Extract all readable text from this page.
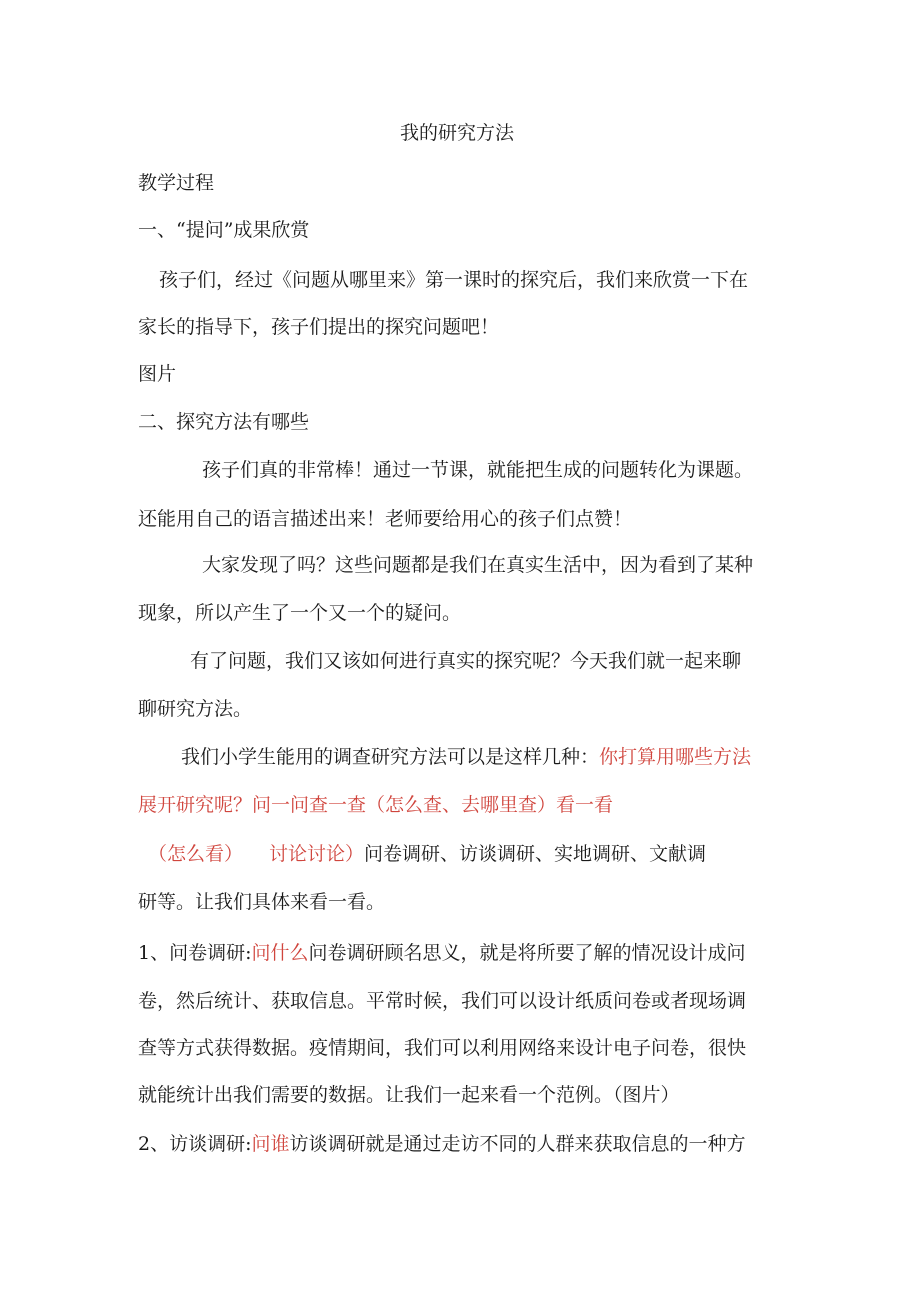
我的研究方法
教学过程
一、“提问”成果欣赏
孩子们，经过《问题从哪里来》第一课时的探究后，我们来欣赏一下在
家长的指导下，孩子们提出的探究问题吧！
图片
二、探究方法有哪些
孩子们真的非常棒！通过一节课，就能把生成的问题转化为课题。
还能用自己的语言描述出来！老师要给用心的孩子们点赞！
大家发现了吗？这些问题都是我们在真实生活中，因为看到了某种
现象，所以产生了一个又一个的疑问。
有了问题，我们又该如何进行真实的探究呢？今天我们就一起来聊
聊研究方法。
我们小学生能用的调查研究方法可以是这样几种：你打算用哪些方法
展开研究呢？问一问查一查（怎么查、去哪里查）看一看
（怎么看） 讨论讨论）问卷调研、访谈调研、实地调研、文献调
研等。让我们具体来看一看。
1、问卷调研:问什么问卷调研顾名思义，就是将所要了解的情况设计成问
卷，然后统计、获取信息。平常时候，我们可以设计纸质问卷或者现场调
查等方式获得数据。疫情期间，我们可以利用网络来设计电子问卷，很快
就能统计出我们需要的数据。让我们一起来看一个范例。（图片）
2、访谈调研:问谁访谈调研就是通过走访不同的人群来获取信息的一种方
